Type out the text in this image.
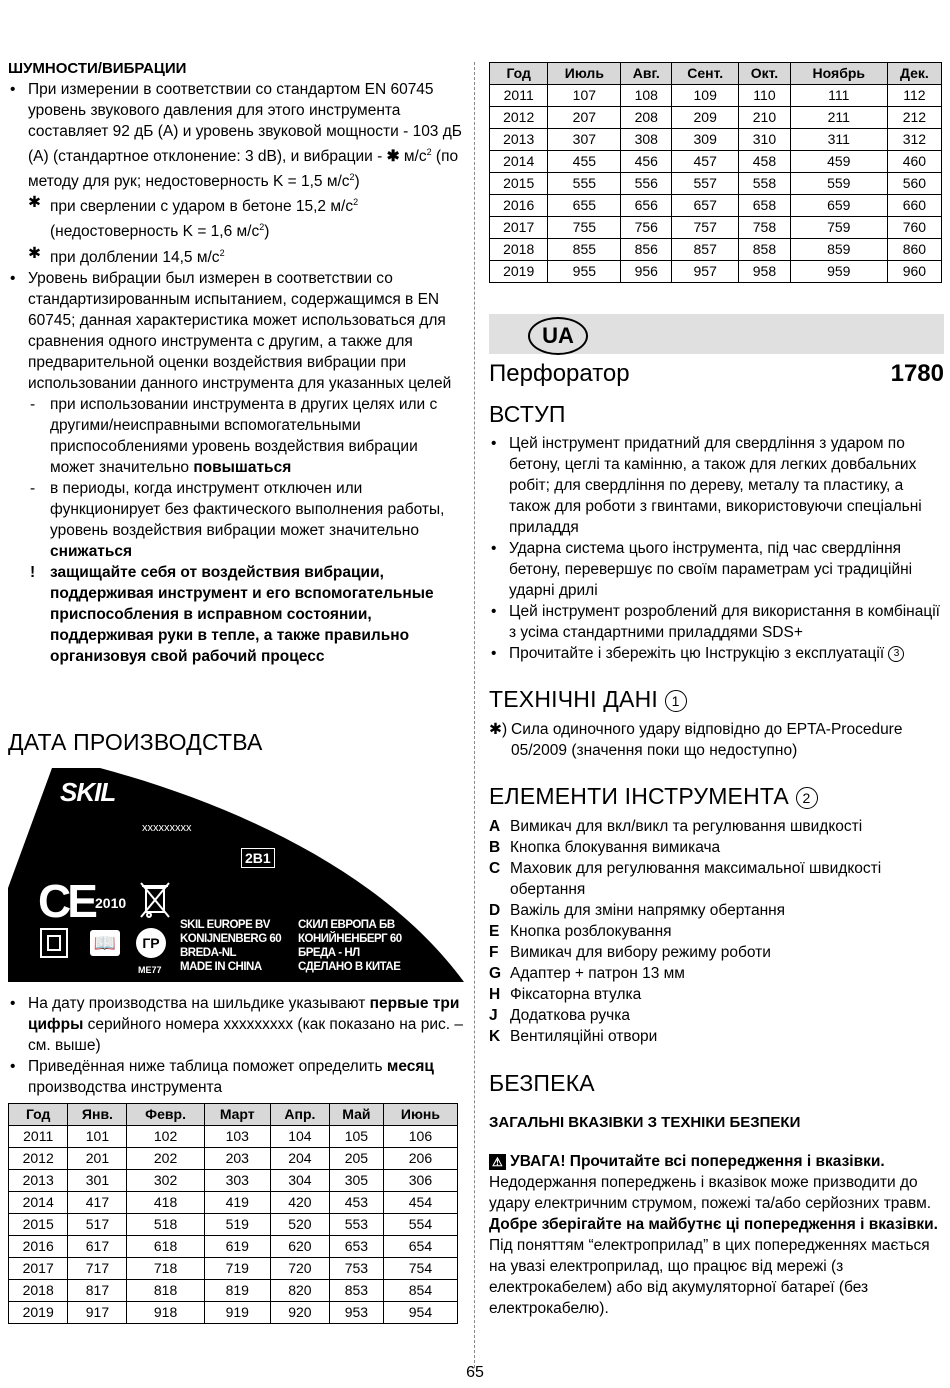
ШУМНОСТИ/ВИБРАЦИИ

• При измерении в соответствии со стандартом EN 60745 уровень звукового давления для этого инструмента составляет 92 дБ (A) и уровень звуковой мощности - 103 дБ (A) (стандартное отклонение: 3 dB), и вибрации - ✱ $м/с^2$ (по методу для рук; недостоверность K = 1,5 $м/с^2$)
✱ при сверлении с ударом в бетоне 15,2 $м/с^2$
(недостоверность K = 1,6 $м/с^2$)
✱ при долблении 14,5 $м/с^2$
• Уровень вибрации был измерен в соответствии со стандартизированным испытанием, содержащимся в EN 60745; данная характеристика может использоваться для сравнения одного инструмента с другим, а также для предварительной оценки воздействия вибрации при использовании данного инструмента для указанных целей
- при использовании инструмента в других целях или с другими/неисправными вспомогательными приспособлениями уровень воздействия вибрации может значительно повышаться
- в периоды, когда инструмент отключен или функционирует без фактического выполнения работы, уровень воздействия вибрации может значительно снижаться
! защищайте себя от воздействия вибрации, поддерживая инструмент и его вспомогательные приспособления в исправном состоянии, поддерживая руки в тепле, а также правильно организовуя свой рабочий процесс
ДАТА ПРОИЗВОДСТВА
• На дату производства на шильдике указывают первые три цифры серийного номера xxxxxxxxx (как показано на рис. – см. выше)
• Приведённая ниже таблица поможет определить месяц производства инструмента
Год	Янв.	Февр.	Март	Апр.	Май	Июнь
2011	101	102	103	104	105	106
2012	201	202	203	204	205	206
2013	301	302	303	304	305	306
2014	417	418	419	420	453	454
2015	517	518	519	520	553	554
2016	617	618	619	620	653	654
2017	717	718	719	720	753	754
2018	817	818	819	820	853	854
2019	917	918	919	920	953	954
SKIL
xxxxxxxxx
2B1
CE 2010
📖	ГР
ME77
SKIL EUROPE BV
KONIJNENBERG 60
BREDA-NL
MADE IN CHINA
СКИЛ ЕВРОПА БВ
КОНИЙНЕНБЕРГ 60
БРЕДА - НЛ
СДЕЛАНО В КИТАЕ
Год	Июль	Авг.	Сент.	Окт.	Ноябрь	Дек.
2011	107	108	109	110	111	112
2012	207	208	209	210	211	212
2013	307	308	309	310	311	312
2014	455	456	457	458	459	460
2015	555	556	557	558	559	560
2016	655	656	657	658	659	660
2017	755	756	757	758	759	760
2018	855	856	857	858	859	860
2019	955	956	957	958	959	960
UA
Перфоратор	1780
ВСТУП
• Цей інструмент придатний для свердління з ударом по бетону, цеглі та камінню, а також для легких довбальних робіт; для свердління по дереву, металу та пластику, а також для роботи з гвинтами, використовуючи спеціальні приладдя
• Ударна система цього інструмента, під час свердління бетону, перевершує по своїм параметрам усі традиційні ударні дрилі
• Цей інструмент розроблений для використання в комбінації з усіма стандартними приладдями SDS+
• Прочитайте і збережіть цю Інструкцію з експлуатації 3
ТЕХНІЧНІ ДАНІ 1
✱) Сила одиночного удару відповідно до EPTA-Procedure 05/2009 (значення поки що недоступно)
ЕЛЕМЕНТИ ІНСТРУМЕНТА 2
A Вимикач для вкл/викл та регулювання швидкості
B Кнопка блокування вимикача
C Маховик для регулювання максимальної швидкості обертання
D Важіль для зміни напрямку обертання
E Кнопка розблокування
F Вимикач для вибору режиму роботи
G Адаптер + патрон 13 мм
H Фіксаторна втулка
J Додаткова ручка
K Вентиляційні отвори
БЕЗПЕКА

ЗАГАЛЬНІ ВКАЗІВКИ З ТЕХНІКИ БЕЗПЕКИ

⚠ УВАГА! Прочитайте всі попередження і вказівки. Недодержання попереджень і вказівок може призводити до удару електричним струмом, пожежі та/або серйозних травм. Добре зберігайте на майбутнє ці попередження і вказівки. Під поняттям “електроприлад” в цих попередженнях мається на увазі електроприлад, що працює від мережі (з електрокабелем) або від акумуляторної батареї (без електрокабелю).
65
